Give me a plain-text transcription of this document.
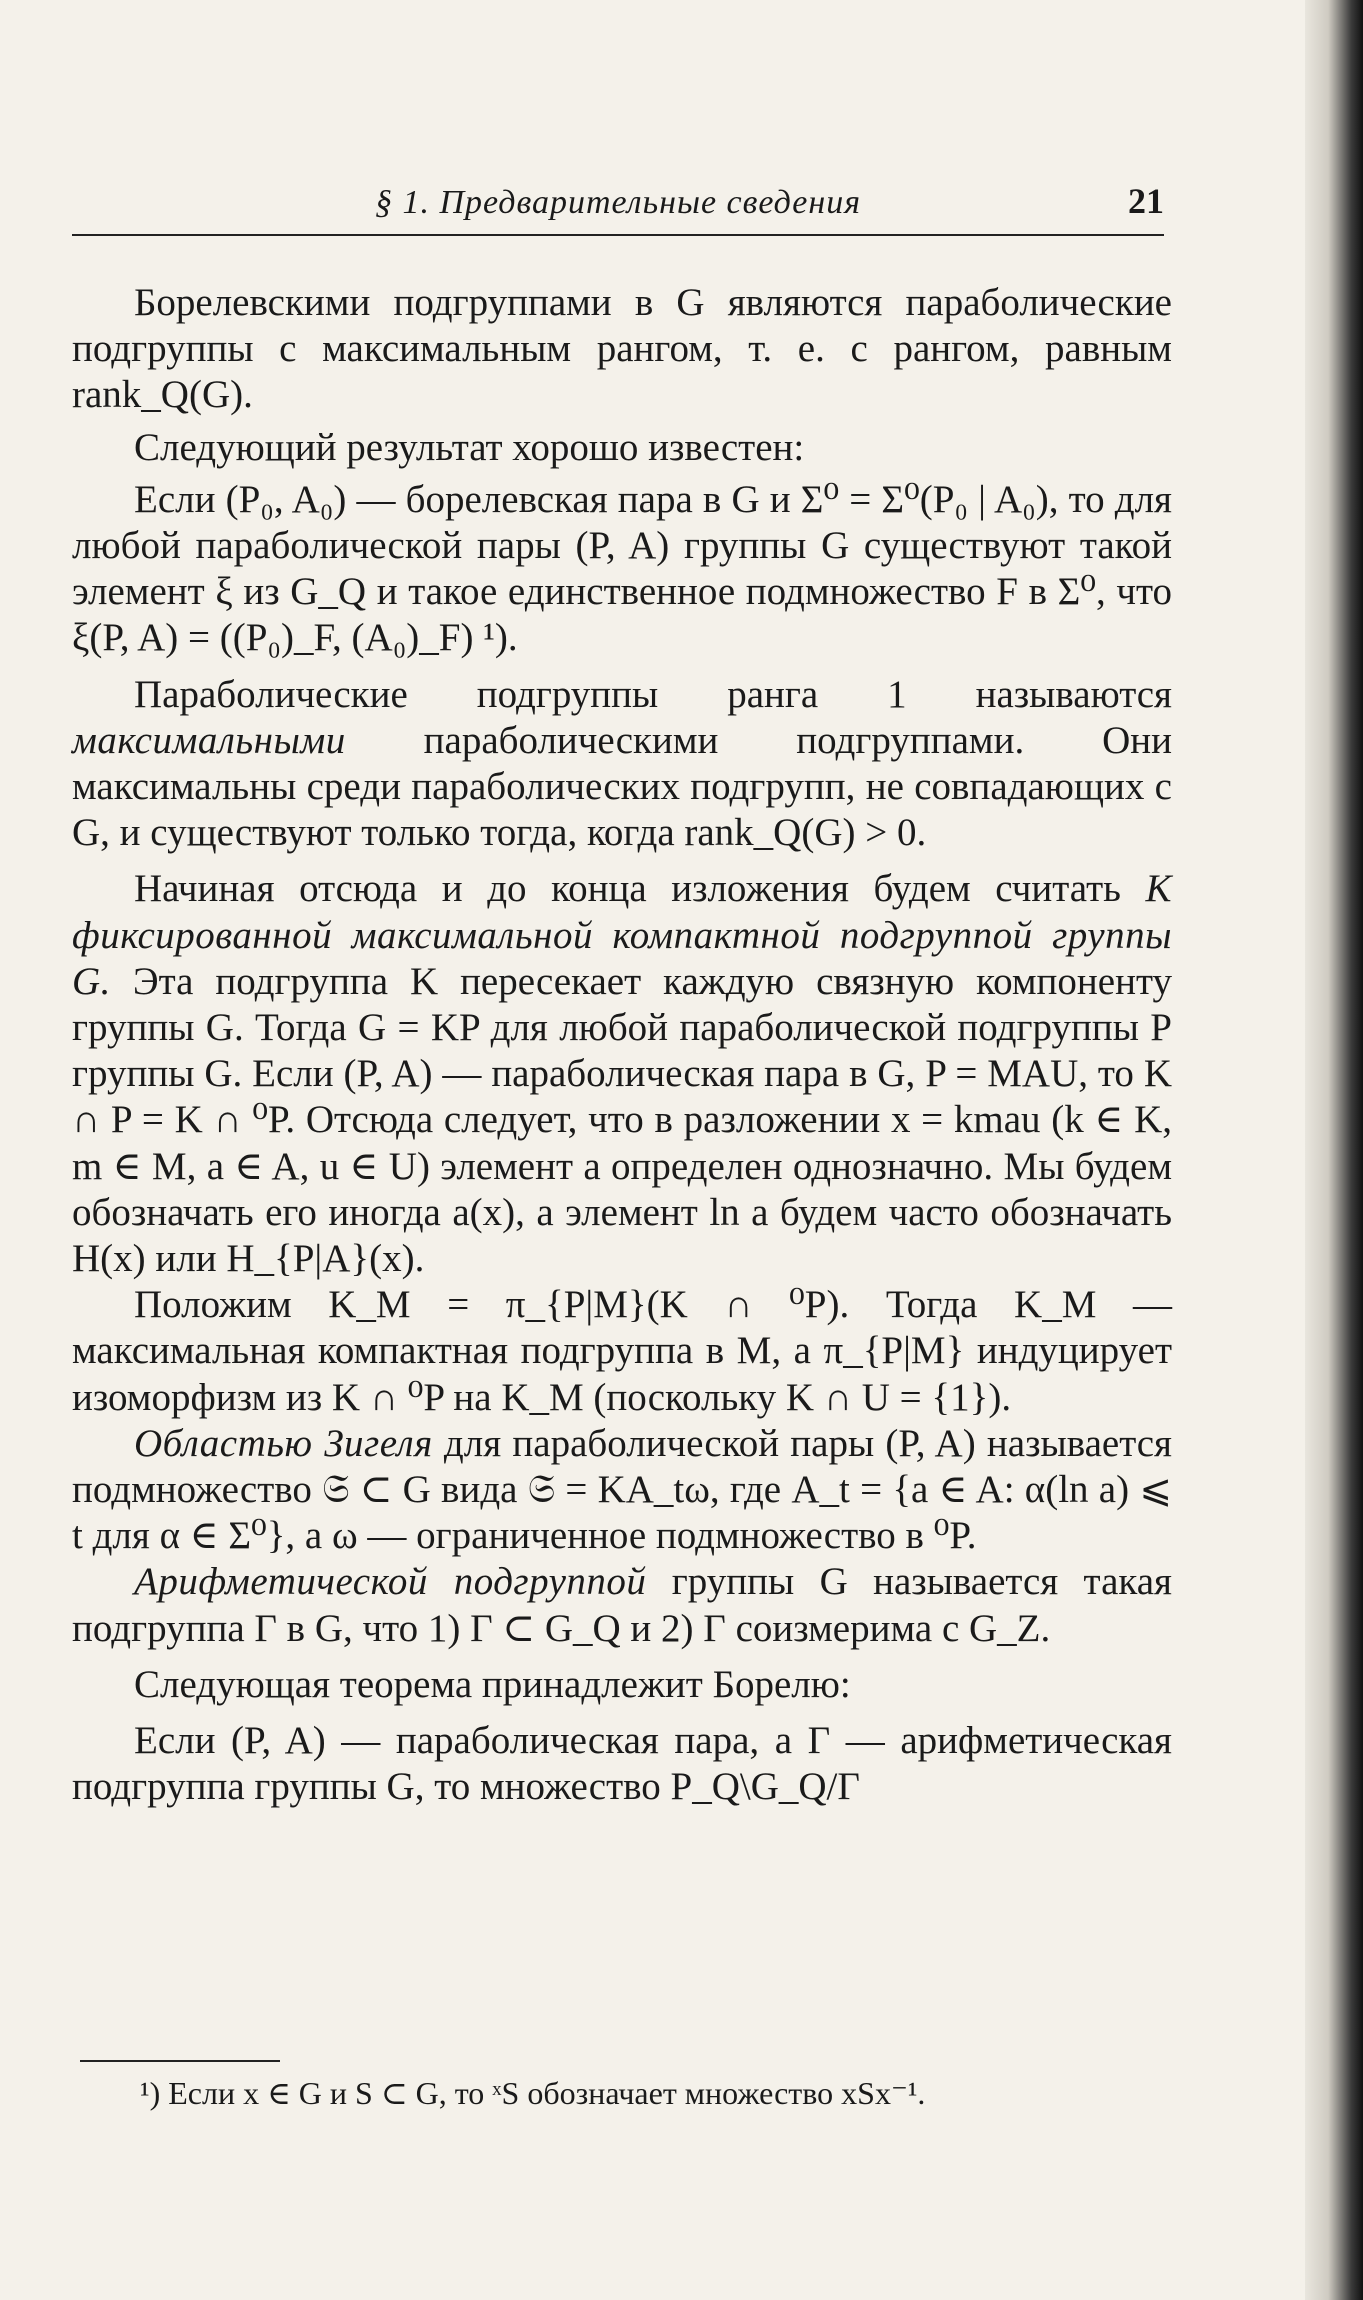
§ 1. Предварительные сведения	21

Борелевскими подгруппами в G являются параболические подгруппы с максимальным рангом, т. е. с рангом, равным rank_Q(G).

Следующий результат хорошо известен:

Если (P₀, A₀) — борелевская пара в G и Σ⁰ = Σ⁰(P₀ | A₀), то для любой параболической пары (P, A) группы G существуют такой элемент ξ из G_Q и такое единственное подмножество F в Σ⁰, что ξ(P, A) = ((P₀)_F, (A₀)_F) ¹).

Параболические подгруппы ранга 1 называются максимальными параболическими подгруппами. Они максимальны среди параболических подгрупп, не совпадающих с G, и существуют только тогда, когда rank_Q(G) > 0.

Начиная отсюда и до конца изложения будем считать K фиксированной максимальной компактной подгруппой группы G. Эта подгруппа K пересекает каждую связную компоненту группы G. Тогда G = KP для любой параболической подгруппы P группы G. Если (P, A) — параболическая пара в G, P = MAU, то K ∩ P = K ∩ ⁰P. Отсюда следует, что в разложении x = kmau (k ∈ K, m ∈ M, a ∈ A, u ∈ U) элемент a определен однозначно. Мы будем обозначать его иногда a(x), а элемент ln a будем часто обозначать H(x) или H_{P|A}(x).

Положим K_M = π_{P|M}(K ∩ ⁰P). Тогда K_M — максимальная компактная подгруппа в M, а π_{P|M} индуцирует изоморфизм из K ∩ ⁰P на K_M (поскольку K ∩ U = {1}).

Областью Зигеля для параболической пары (P, A) называется подмножество 𝔖 ⊂ G вида 𝔖 = KA_tω, где A_t = {a ∈ A: α(ln a) ⩽ t для α ∈ Σ⁰}, а ω — ограниченное подмножество в ⁰P.

Арифметической подгруппой группы G называется такая подгруппа Γ в G, что 1) Γ ⊂ G_Q и 2) Γ соизмерима с G_Z.

Следующая теорема принадлежит Борелю:

Если (P, A) — параболическая пара, а Γ — арифметическая подгруппа группы G, то множество P_Q\G_Q/Γ

¹) Если x ∈ G и S ⊂ G, то ˣS обозначает множество xSx⁻¹.
